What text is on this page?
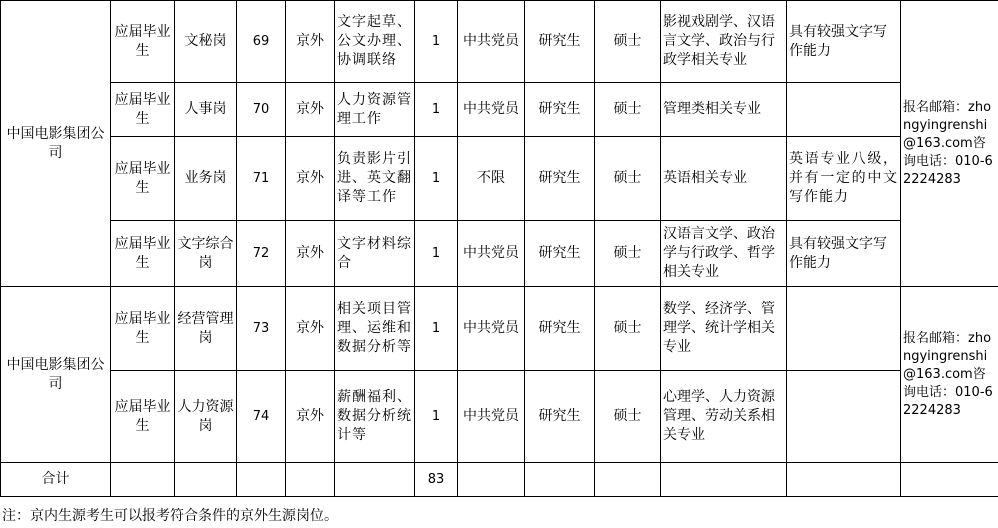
中国电影集团公司	应届毕业生	文秘岗	69	京外	文字起草、公文办理、协调联络	1	中共党员	研究生	硕士	影视戏剧学、汉语言文学、政治与行政学相关专业	具有较强文字写作能力	报名邮箱：zhongyingrenshi@163.com咨询电话：010-62224283
	应届毕业生	人事岗	70	京外	人力资源管理工作	1	中共党员	研究生	硕士	管理类相关专业		
	应届毕业生	业务岗	71	京外	负责影片引进、英文翻译等工作	1	不限	研究生	硕士	英语相关专业	英语专业八级，并有一定的中文写作能力	
	应届毕业生	文字综合岗	72	京外	文字材料综合	1	中共党员	研究生	硕士	汉语言文学、政治学与行政学、哲学相关专业	具有较强文字写作能力	
中国电影集团公司	应届毕业生	经营管理岗	73	京外	相关项目管理、运维和数据分析等	1	中共党员	研究生	硕士	数学、经济学、管理学、统计学相关专业		报名邮箱：zhongyingrenshi@163.com咨询电话：010-62224283
	应届毕业生	人力资源岗	74	京外	薪酬福利、数据分析统计等	1	中共党员	研究生	硕士	心理学、人力资源管理、劳动关系相关专业		
合计						83						
注：京内生源考生可以报考符合条件的京外生源岗位。
